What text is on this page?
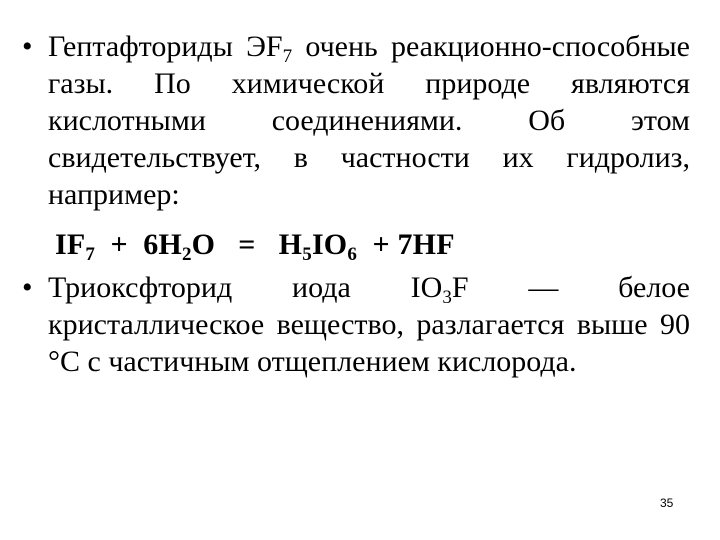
• Гептафториды $ЭF_7$ очень реакционно-способные газы. По химической природе являются кислотными соединениями. Об этом свидетельствует, в частности их гидролиз, например:
$IF_7 + 6H_2O = H_5IO_6 + 7HF$
• Триоксфторид иода $IO_3F$ — белое кристаллическое вещество, разлагается выше 90 °С с частичным отщеплением кислорода.
35
